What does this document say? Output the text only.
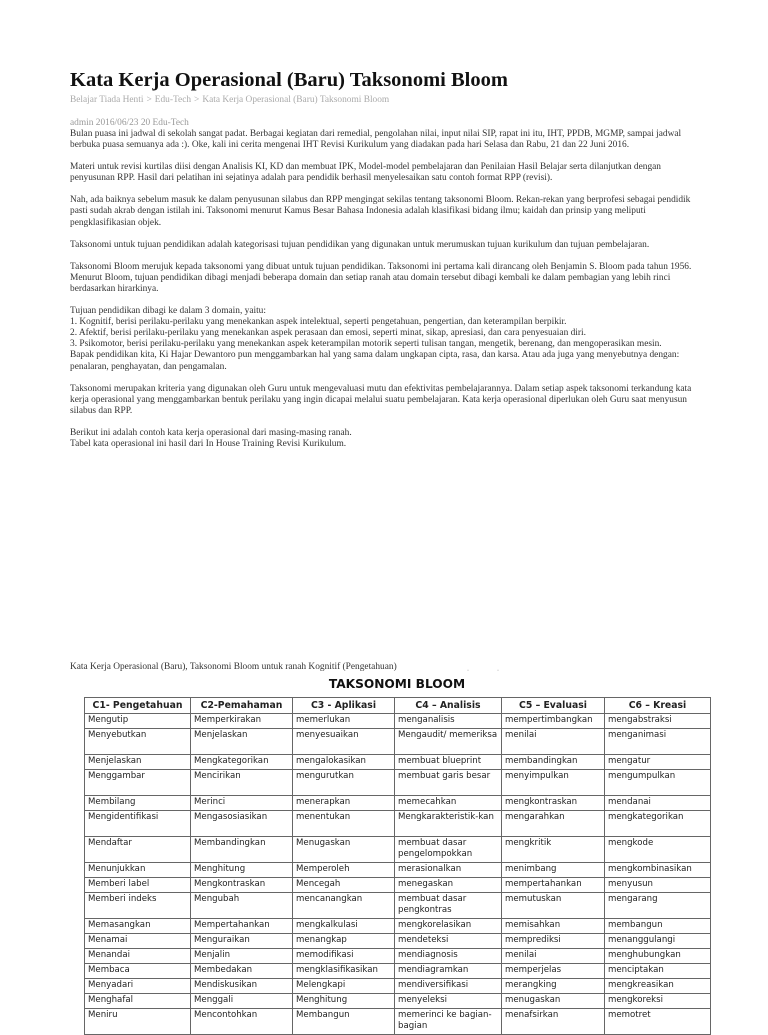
Kata Kerja Operasional (Baru) Taksonomi Bloom
Belajar Tiada Henti > Edu-Tech > Kata Kerja Operasional (Baru) Taksonomi Bloom
admin 2016/06/23 20 Edu-Tech

Bulan puasa ini jadwal di sekolah sangat padat. Berbagai kegiatan dari remedial, pengolahan nilai, input nilai SIP, rapat ini itu, IHT, PPDB, MGMP, sampai jadwal berbuka puasa semuanya ada :). Oke, kali ini cerita mengenai IHT Revisi Kurikulum yang diadakan pada hari Selasa dan Rabu, 21 dan 22 Juni 2016.

Materi untuk revisi kurtilas diisi dengan Analisis KI, KD dan membuat IPK, Model-model pembelajaran dan Penilaian Hasil Belajar serta dilanjutkan dengan penyusunan RPP. Hasil dari pelatihan ini sejatinya adalah para pendidik berhasil menyelesaikan satu contoh format RPP (revisi).

Nah, ada baiknya sebelum masuk ke dalam penyusunan silabus dan RPP mengingat sekilas tentang taksonomi Bloom. Rekan-rekan yang berprofesi sebagai pendidik pasti sudah akrab dengan istilah ini. Taksonomi menurut Kamus Besar Bahasa Indonesia adalah klasifikasi bidang ilmu; kaidah dan prinsip yang meliputi pengklasifikasian objek.

Taksonomi untuk tujuan pendidikan adalah kategorisasi tujuan pendidikan yang digunakan untuk merumuskan tujuan kurikulum dan tujuan pembelajaran.

Taksonomi Bloom merujuk kepada taksonomi yang dibuat untuk tujuan pendidikan. Taksonomi ini pertama kali dirancang oleh Benjamin S. Bloom pada tahun 1956. Menurut Bloom, tujuan pendidikan dibagi menjadi beberapa domain dan setiap ranah atau domain tersebut dibagi kembali ke dalam pembagian yang lebih rinci berdasarkan hirarkinya.

Tujuan pendidikan dibagi ke dalam 3 domain, yaitu:
1. Kognitif, berisi perilaku-perilaku yang menekankan aspek intelektual, seperti pengetahuan, pengertian, dan keterampilan berpikir.
2. Afektif, berisi perilaku-perilaku yang menekankan aspek perasaan dan emosi, seperti minat, sikap, apresiasi, dan cara penyesuaian diri.
3. Psikomotor, berisi perilaku-perilaku yang menekankan aspek keterampilan motorik seperti tulisan tangan, mengetik, berenang, dan mengoperasikan mesin.

Bapak pendidikan kita, Ki Hajar Dewantoro pun menggambarkan hal yang sama dalam ungkapan cipta, rasa, dan karsa. Atau ada juga yang menyebutnya dengan: penalaran, penghayatan, dan pengamalan.

Taksonomi merupakan kriteria yang digunakan oleh Guru untuk mengevaluasi mutu dan efektivitas pembelajarannya. Dalam setiap aspek taksonomi terkandung kata kerja operasional yang menggambarkan bentuk perilaku yang ingin dicapai melalui suatu pembelajaran. Kata kerja operasional diperlukan oleh Guru saat menyusun silabus dan RPP.

Berikut ini adalah contoh kata kerja operasional dari masing-masing ranah.
Tabel kata operasional ini hasil dari In House Training Revisi Kurikulum.
Kata Kerja Operasional (Baru), Taksonomi Bloom untuk ranah Kognitif (Pengetahuan)	··
TAKSONOMI BLOOM
C1- Pengetahuan	C2-Pemahaman	C3 - Aplikasi	C4 – Analisis	C5 – Evaluasi	C6 – Kreasi
Mengutip	Memperkirakan	memerlukan	menganalisis	mempertimbangkan	mengabstraksi
Menyebutkan	Menjelaskan	menyesuaikan	Mengaudit/ memeriksa	menilai	menganimasi
Menjelaskan	Mengkategorikan	mengalokasikan	membuat blueprint	membandingkan	mengatur
Menggambar	Mencirikan	mengurutkan	membuat garis besar	menyimpulkan	mengumpulkan
Membilang	Merinci	menerapkan	memecahkan	mengkontraskan	mendanai
Mengidentifikasi	Mengasosiasikan	menentukan	Mengkarakteristik-kan	mengarahkan	mengkategorikan
Mendaftar	Membandingkan	Menugaskan	membuat dasar pengelompokkan	mengkritik	mengkode
Menunjukkan	Menghitung	Memperoleh	merasionalkan	menimbang	mengkombinasikan
Memberi label	Mengkontraskan	Mencegah	menegaskan	mempertahankan	menyusun
Memberi indeks	Mengubah	mencanangkan	membuat dasar pengkontras	memutuskan	mengarang
Memasangkan	Mempertahankan	mengkalkulasi	mengkorelasikan	memisahkan	membangun
Menamai	Menguraikan	menangkap	mendeteksi	memprediksi	menanggulangi
Menandai	Menjalin	memodifikasi	mendiagnosis	menilai	menghubungkan
Membaca	Membedakan	mengklasifikasikan	mendiagramkan	memperjelas	menciptakan
Menyadari	Mendiskusikan	Melengkapi	mendiversifikasi	merangking	mengkreasikan
Menghafal	Menggali	Menghitung	menyeleksi	menugaskan	mengkoreksi
Meniru	Mencontohkan	Membangun	memerinci ke bagian-bagian	menafsirkan	memotret
